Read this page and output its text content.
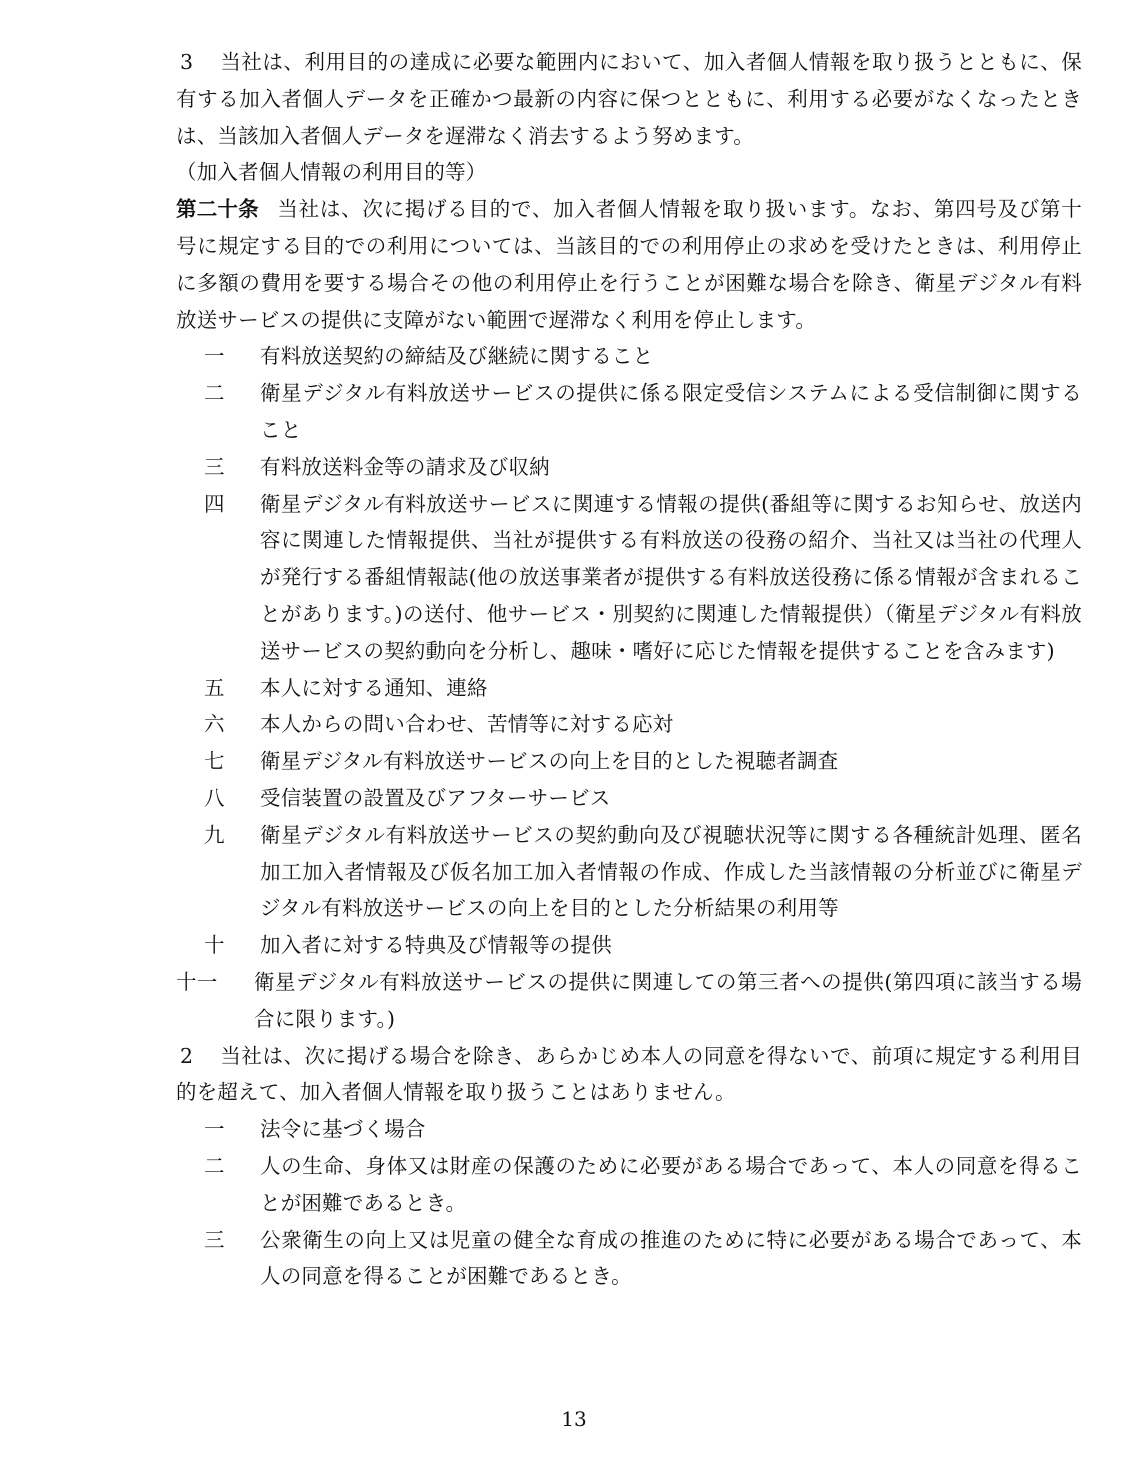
3 当社は、利用目的の達成に必要な範囲内において、加入者個人情報を取り扱うとともに、保有する加入者個人データを正確かつ最新の内容に保つとともに、利用する必要がなくなったときは、当該加入者個人データを遅滞なく消去するよう努めます。

（加入者個人情報の利用目的等）

第二十条 当社は、次に掲げる目的で、加入者個人情報を取り扱います。なお、第四号及び第十号に規定する目的での利用については、当該目的での利用停止の求めを受けたときは、利用停止に多額の費用を要する場合その他の利用停止を行うことが困難な場合を除き、衛星デジタル有料放送サービスの提供に支障がない範囲で遅滞なく利用を停止します。

一	有料放送契約の締結及び継続に関すること
二	衛星デジタル有料放送サービスの提供に係る限定受信システムによる受信制御に関すること
三	有料放送料金等の請求及び収納
四	衛星デジタル有料放送サービスに関連する情報の提供(番組等に関するお知らせ、放送内容に関連した情報提供、当社が提供する有料放送の役務の紹介、当社又は当社の代理人が発行する番組情報誌(他の放送事業者が提供する有料放送役務に係る情報が含まれることがあります。)の送付、他サービス・別契約に関連した情報提供）（衛星デジタル有料放送サービスの契約動向を分析し、趣味・嗜好に応じた情報を提供することを含みます)
五	本人に対する通知、連絡
六	本人からの問い合わせ、苦情等に対する応対
七	衛星デジタル有料放送サービスの向上を目的とした視聴者調査
八	受信装置の設置及びアフターサービス
九	衛星デジタル有料放送サービスの契約動向及び視聴状況等に関する各種統計処理、匿名加工加入者情報及び仮名加工加入者情報の作成、作成した当該情報の分析並びに衛星デジタル有料放送サービスの向上を目的とした分析結果の利用等
十	加入者に対する特典及び情報等の提供
十一	衛星デジタル有料放送サービスの提供に関連しての第三者への提供(第四項に該当する場合に限ります。)

2 当社は、次に掲げる場合を除き、あらかじめ本人の同意を得ないで、前項に規定する利用目的を超えて、加入者個人情報を取り扱うことはありません。

一	法令に基づく場合
二	人の生命、身体又は財産の保護のために必要がある場合であって、本人の同意を得ることが困難であるとき。
三	公衆衛生の向上又は児童の健全な育成の推進のために特に必要がある場合であって、本人の同意を得ることが困難であるとき。
13
